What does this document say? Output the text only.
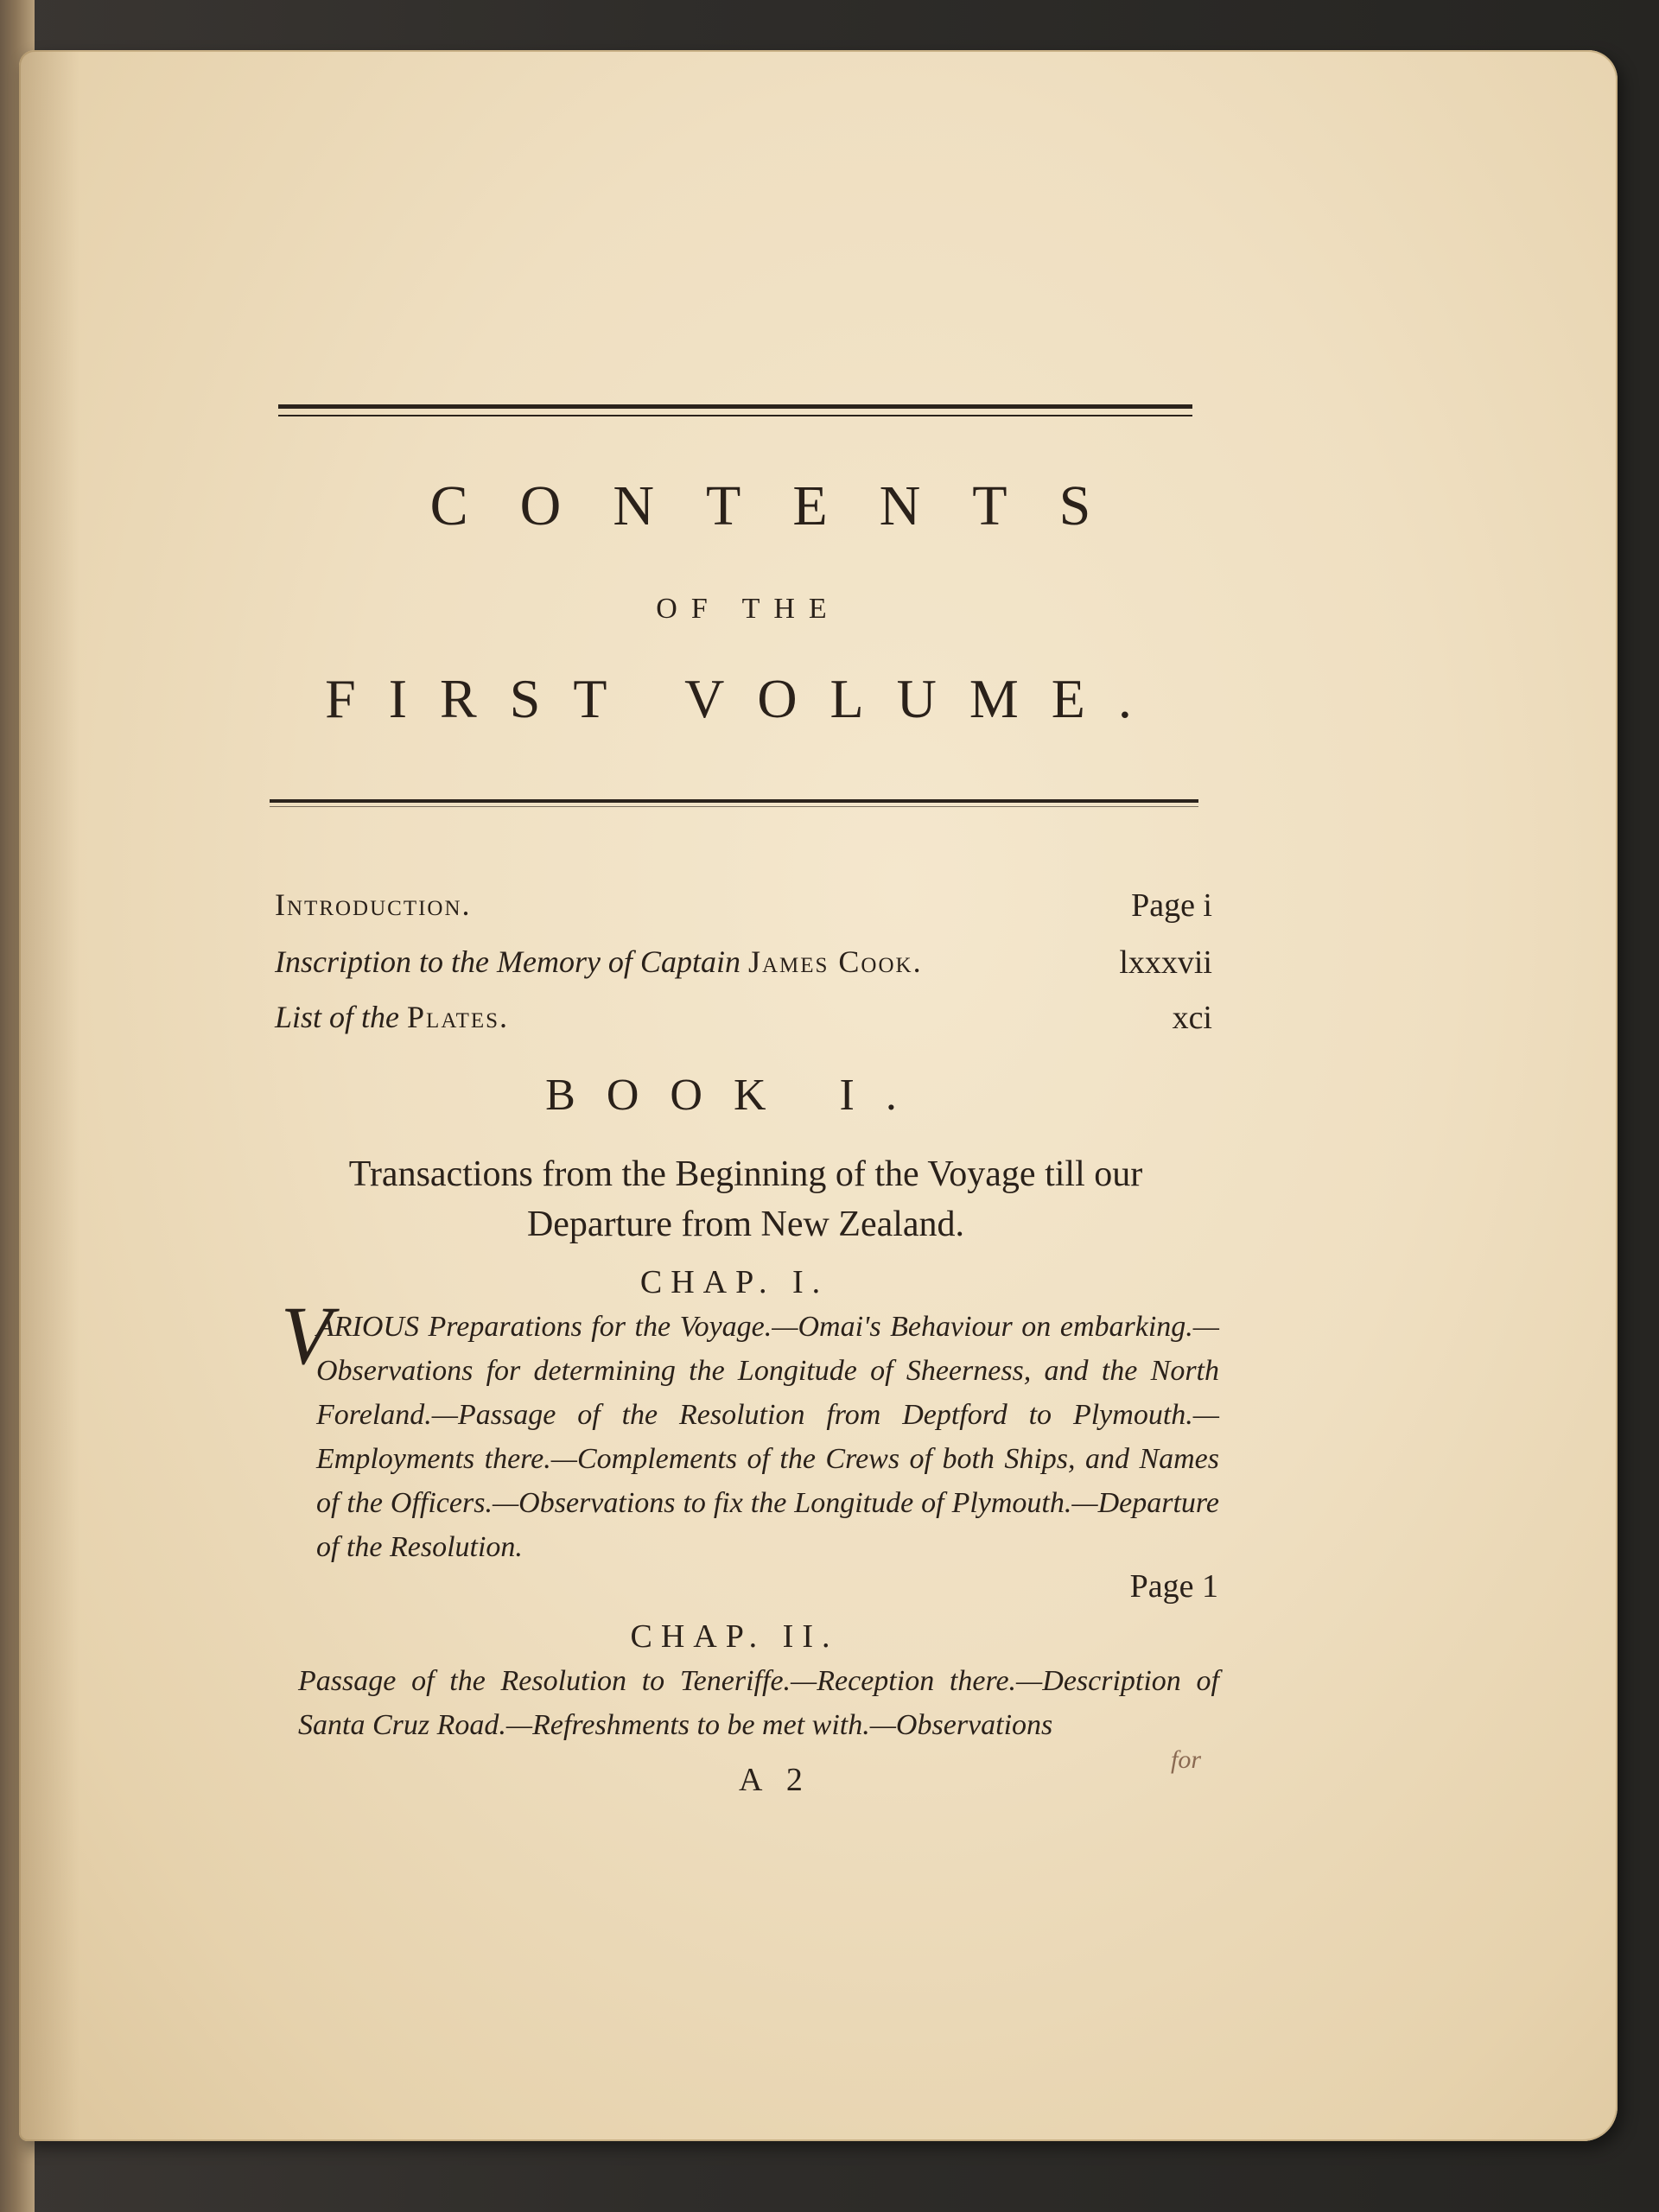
CONTENTS
OF THE
FIRST VOLUME.
Introduction.	Page i
Inscription to the Memory of Captain James Cook.	lxxxvii
List of the Plates.	xci
BOOK I.
Transactions from the Beginning of the Voyage till our Departure from New Zealand.
CHAP. I.
V
ARIOUS Preparations for the Voyage.—Omai's Behaviour on embarking.—Observations for determining the Longitude of Sheerness, and the North Foreland.—Passage of the Resolution from Deptford to Plymouth.—Employments there.—Complements of the Crews of both Ships, and Names of the Officers.—Observations to fix the Longitude of Plymouth.—Departure of the Resolution.
Page 1
CHAP. II.
Passage of the Resolution to Teneriffe.—Reception there.—Description of Santa Cruz Road.—Refreshments to be met with.—Observations
A 2
for
